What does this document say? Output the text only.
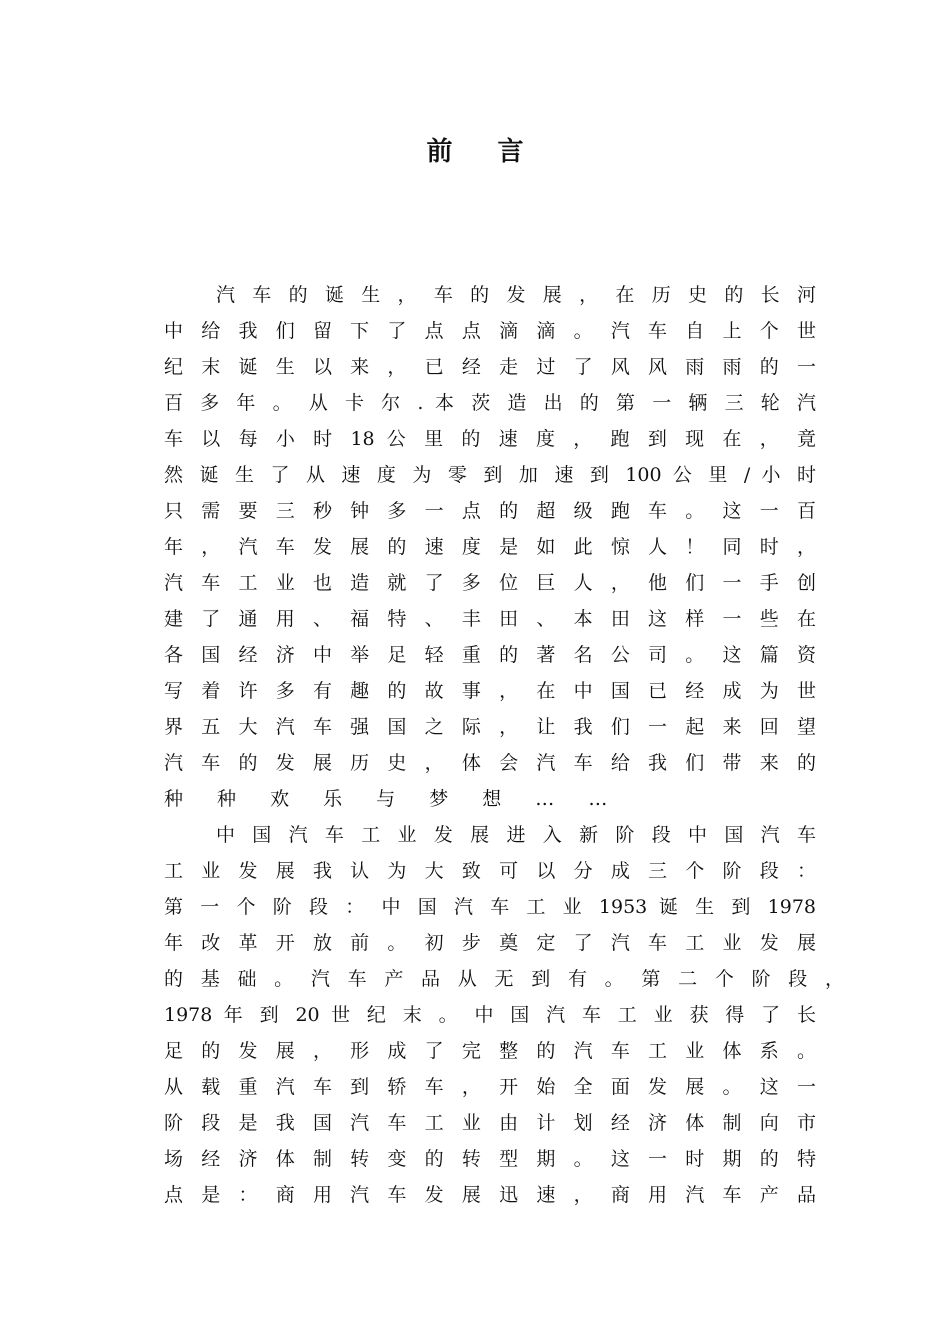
前 言
汽 车 的 诞 生 ， 车 的 发 展 ， 在 历 史 的 长 河
中 给 我 们 留 下 了 点 点 滴 滴 。 汽 车 自 上 个 世
纪 末 诞 生 以 来 ， 已 经 走 过 了 风 风 雨 雨 的 一
百 多 年 。 从 卡 尔 . 本 茨 造 出 的 第 一 辆 三 轮 汽
车 以 每 小 时 18 公 里 的 速 度 ， 跑 到 现 在 ， 竟
然 诞 生 了 从 速 度 为 零 到 加 速 到 100 公 里 / 小 时
只 需 要 三 秒 钟 多 一 点 的 超 级 跑 车 。 这 一 百
年 ， 汽 车 发 展 的 速 度 是 如 此 惊 人 ！ 同 时 ，
汽 车 工 业 也 造 就 了 多 位 巨 人 ， 他 们 一 手 创
建 了 通 用 、 福 特 、 丰 田 、 本 田 这 样 一 些 在
各 国 经 济 中 举 足 轻 重 的 著 名 公 司 。 这 篇 资
写 着 许 多 有 趣 的 故 事 ， 在 中 国 已 经 成 为 世
界 五 大 汽 车 强 国 之 际 ， 让 我 们 一 起 来 回 望
汽 车 的 发 展 历 史 ， 体 会 汽 车 给 我 们 带 来 的
种 种 欢 乐 与 梦 想 … …
中 国 汽 车 工 业 发 展 进 入 新 阶 段 中 国 汽 车
工 业 发 展 我 认 为 大 致 可 以 分 成 三 个 阶 段 ：
第 一 个 阶 段 ： 中 国 汽 车 工 业 1953 诞 生 到 1978
年 改 革 开 放 前 。 初 步 奠 定 了 汽 车 工 业 发 展
的 基 础 。 汽 车 产 品 从 无 到 有 。 第 二 个 阶 段 ，
1978 年 到 20 世 纪 末 。 中 国 汽 车 工 业 获 得 了 长
足 的 发 展 ， 形 成 了 完 整 的 汽 车 工 业 体 系 。
从 载 重 汽 车 到 轿 车 ， 开 始 全 面 发 展 。 这 一
阶 段 是 我 国 汽 车 工 业 由 计 划 经 济 体 制 向 市
场 经 济 体 制 转 变 的 转 型 期 。 这 一 时 期 的 特
点 是 ： 商 用 汽 车 发 展 迅 速 ， 商 用 汽 车 产 品
